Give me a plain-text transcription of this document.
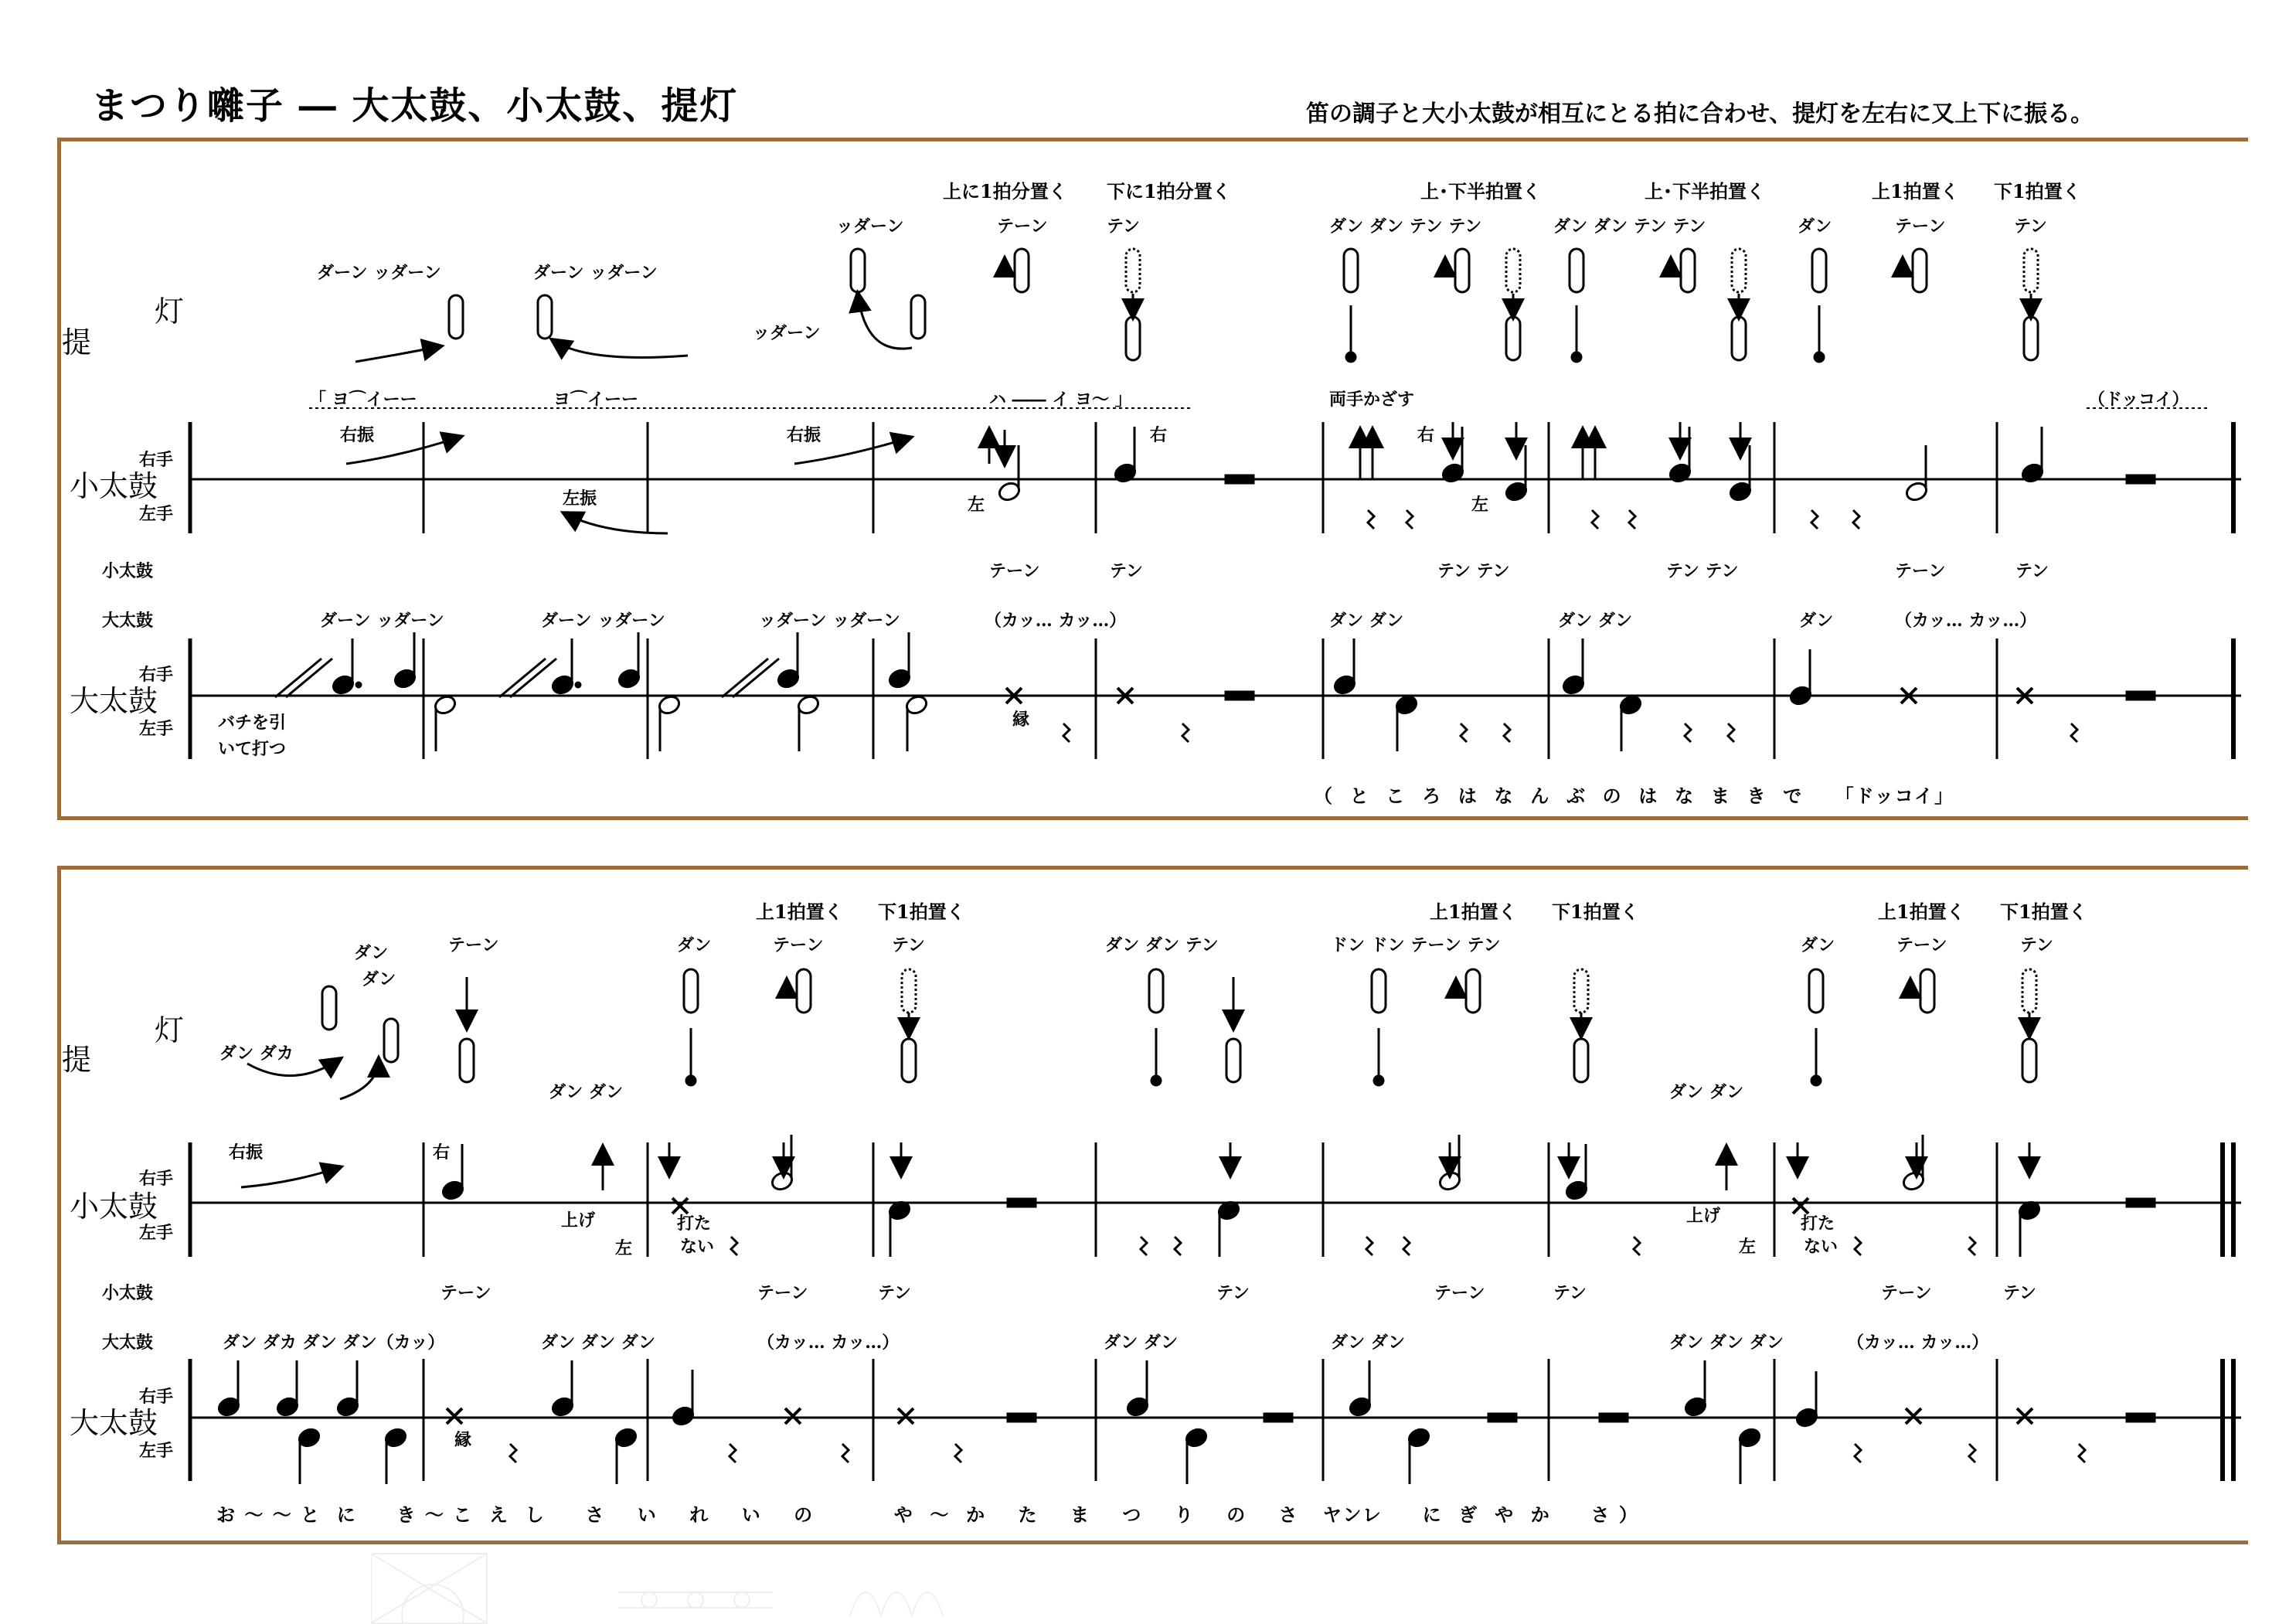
まつり囃子 ― 大太鼓、小太鼓、提灯	笛の調子と大小太鼓が相互にとる拍に合わせ、提灯を左右に又上下に振る。
提
灯
小太鼓
右手
左手
小太鼓
大太鼓
大太鼓
右手
左手
上に1拍分置く 下に1拍分置く	上･下半拍置く	上･下半拍置く	上1拍置く 下1拍置く
ダーン ッダーン	ダーン ッダーン
ッダーン
ッダーン
テーン	テン	ダン ダン テン テン	ダン ダン テン テン	ダン	テーン	テン
「 ヨ⌒イーー	ヨ⌒イーー	ハ ―― イ ヨ～ 」	両手かざす	（ドッコイ）
右振
左振
右振
左
右	右
左
テーン	テン	テン テン	テン テン	テーン	テン
ダーン ッダーン	ダーン ッダーン	ッダーン ッダーン	（カッ… カッ…）	ダン ダン	ダン ダン	ダン	（カッ… カッ…）
バチを引
いて打つ
縁
（  と  こ  ろ  は  な  ん  ぶ  の  は  な  ま  き  で    「ドッコイ」
提
灯
小太鼓
右手
左手
小太鼓
大太鼓
大太鼓
右手
左手
上1拍置く 下1拍置く	上1拍置く 下1拍置く	上1拍置く 下1拍置く
ダン
ダン
ダン ダカ
テーン	ダン	テーン	テン	ダン ダン テン	ドン ドン テーン テン	ダン	テーン	テン
ダン ダン	ダン ダン
右振	右
上げ
左
打た
ない
上げ
左
打た
ない
テーン	テーン	テン	テン	テーン	テン	テーン	テン
ダン ダカ ダン ダン（カッ）	ダン ダン ダン	（カッ… カッ…）	ダン ダン	ダン ダン	ダン ダン ダン	（カッ… カッ…）
縁
お ～ ～ と  に     き ～ こ  え  し     さ    い    れ    い    の          や  ～  か    た    ま    つ    り    の    さ   ヤンレ     に  ぎ  や  か     さ ）
